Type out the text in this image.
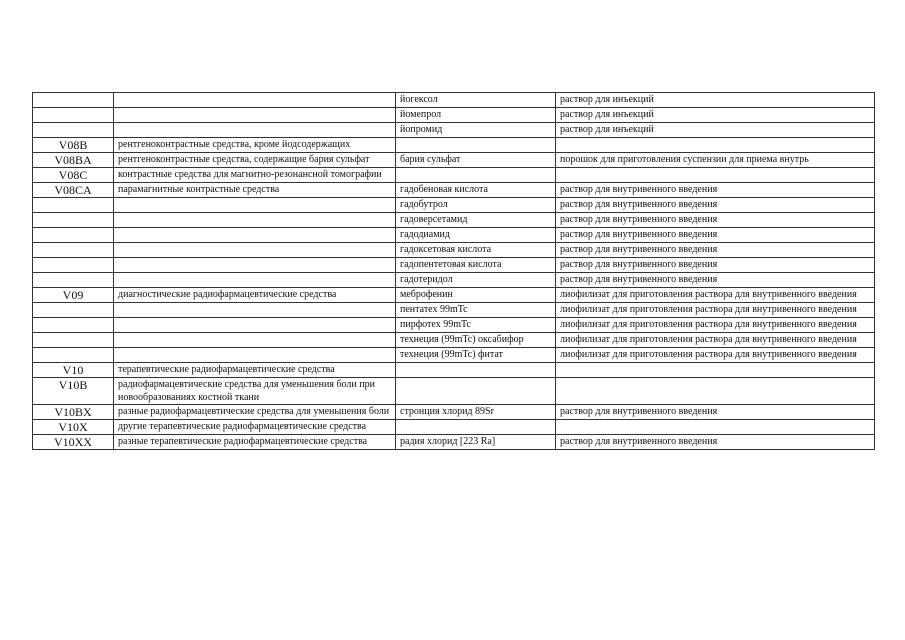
		йогексол	раствор для инъекций
		йомепрол	раствор для инъекций
		йопромид	раствор для инъекций
V08B	рентгеноконтрастные средства, кроме йодсодержащих		
V08BA	рентгеноконтрастные средства, содержащие бария сульфат	бария сульфат	порошок для приготовления суспензии для приема внутрь
V08C	контрастные средства для магнитно-резонансной томографии		
V08CA	парамагнитные контрастные средства	гадобеновая кислота	раствор для внутривенного введения
		гадобутрол	раствор для внутривенного введения
		гадоверсетамид	раствор для внутривенного введения
		гадодиамид	раствор для внутривенного введения
		гадоксетовая кислота	раствор для внутривенного введения
		гадопентетовая кислота	раствор для внутривенного введения
		гадотеридол	раствор для внутривенного введения
V09	диагностические радиофармацевтические средства	меброфенин	лиофилизат для приготовления раствора для внутривенного введения
		пентатех 99mTc	лиофилизат для приготовления раствора для внутривенного введения
		пирфотех 99mTc	лиофилизат для приготовления раствора для внутривенного введения
		технеция (99mTc) оксабифор	лиофилизат для приготовления раствора для внутривенного введения
		технеция (99mTc) фитат	лиофилизат для приготовления раствора для внутривенного введения
V10	терапевтические радиофармацевтические средства		
V10B	радиофармацевтические средства для уменьшения боли при новообразованиях костной ткани		
V10BX	разные радиофармацевтические средства для уменьшения боли	стронция хлорид 89Sr	раствор для внутривенного введения
V10X	другие терапевтические радиофармацевтические средства		
V10XX	разные терапевтические радиофармацевтические средства	радия хлорид [223 Ra]	раствор для внутривенного введения
